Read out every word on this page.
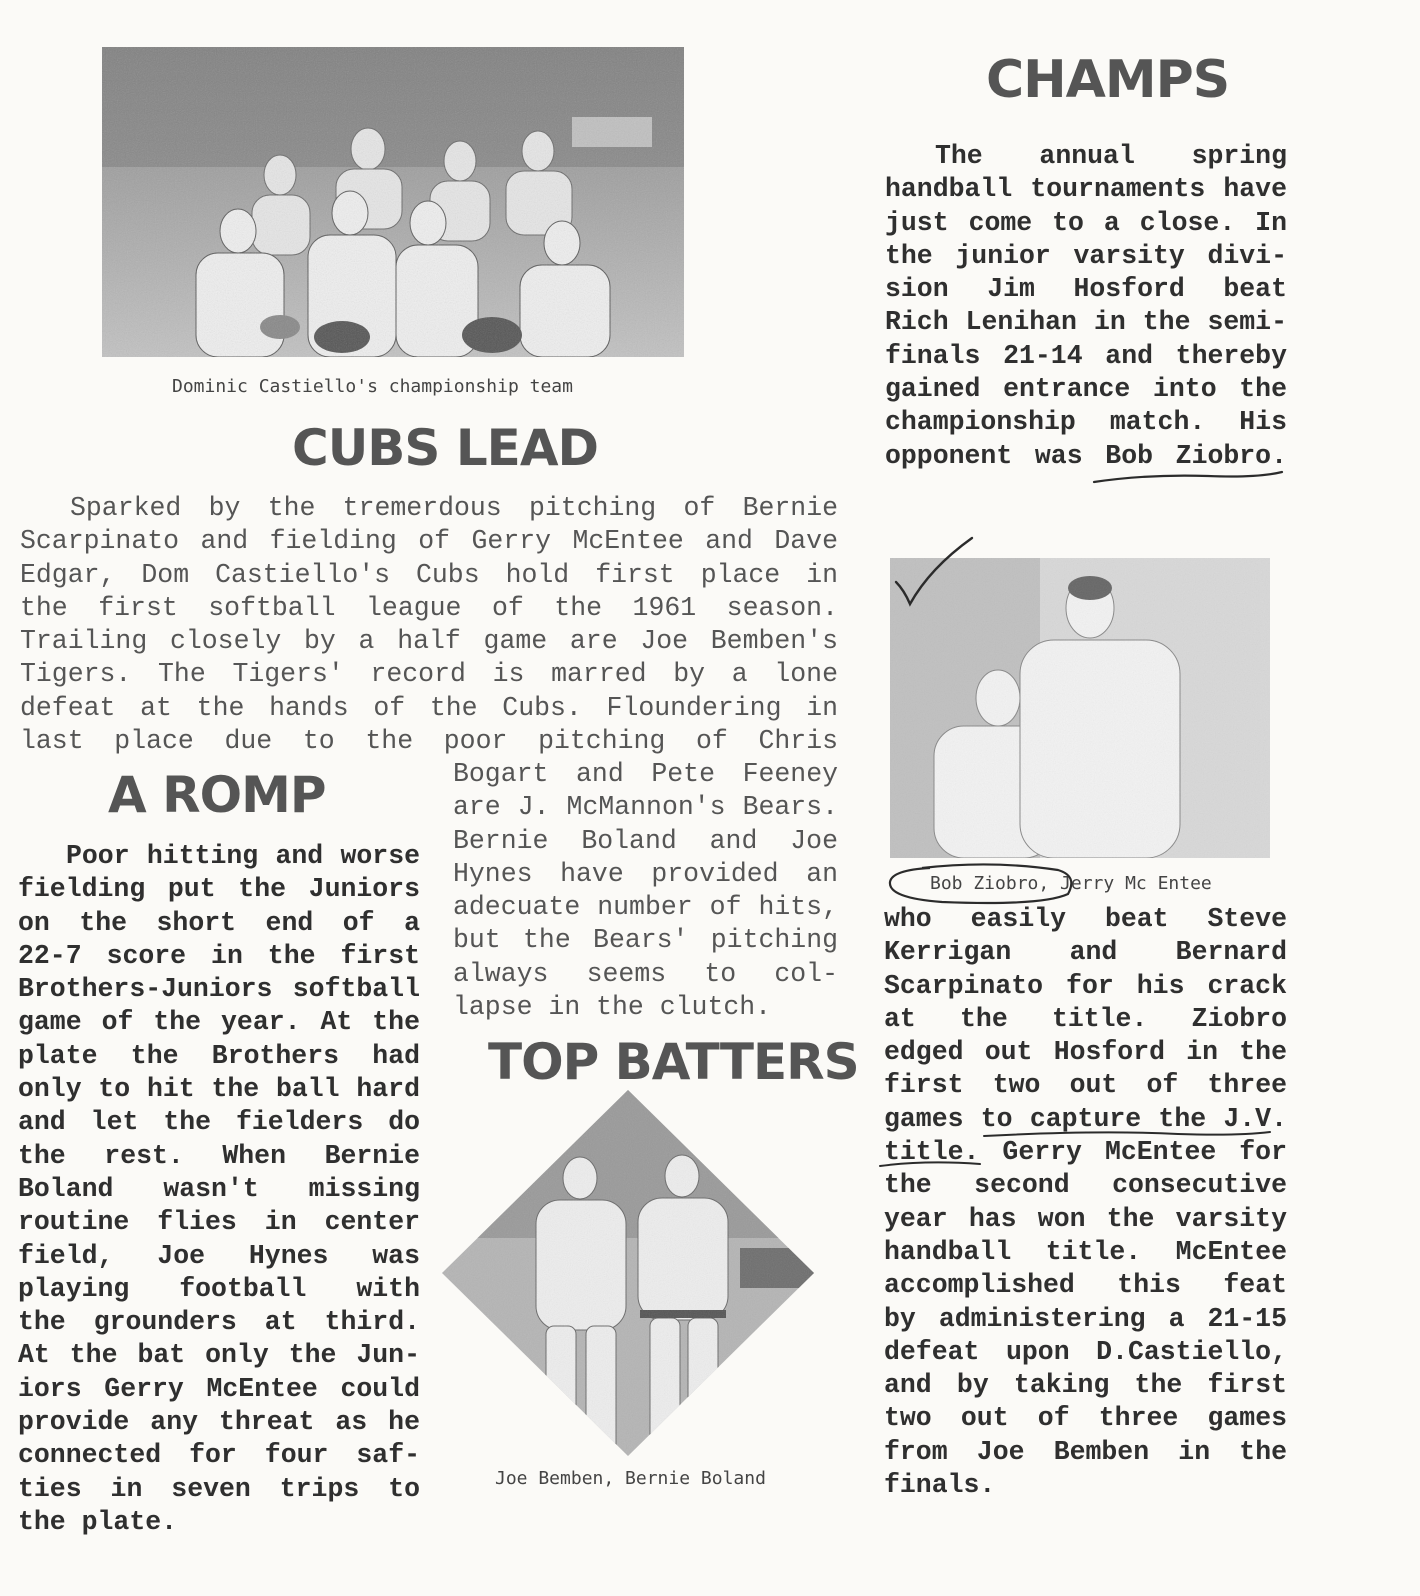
Dominic Castiello's championship team

CUBS LEAD
Sparked by the tremerdous pitching of Bernie
Scarpinato and fielding of Gerry McEntee and Dave
Edgar, Dom Castiello's Cubs hold first place in
the first softball league of the 1961 season.
Trailing closely by a half game are Joe Bemben's
Tigers. The Tigers' record is marred by a lone
defeat at the hands of the Cubs. Floundering in
last place due to the poor pitching of Chris
Bogart and Pete Feeney
are J. McMannon's Bears.
Bernie Boland and Joe
Hynes have provided an
adecuate number of hits,
but the Bears' pitching
always seems to col-
lapse in the clutch.
A ROMP
Poor hitting and worse
fielding put the Juniors
on the short end of a
22-7 score in the first
Brothers-Juniors softball
game of the year. At the
plate the Brothers had
only to hit the ball hard
and let the fielders do
the rest. When Bernie
Boland wasn't missing
routine flies in center
field, Joe Hynes was
playing football with
the grounders at third.
At the bat only the Jun-
iors Gerry McEntee could
provide any threat as he
connected for four saf-
ties in seven trips to
the plate.
TOP BATTERS

Joe Bemben, Bernie Boland

CHAMPS
The annual spring
handball tournaments have
just come to a close. In
the junior varsity divi-
sion Jim Hosford beat
Rich Lenihan in the semi-
finals 21-14 and thereby
gained entrance into the
championship match. His
opponent was Bob Ziobro.

Bob Ziobro, Jerry Mc Entee

who easily beat Steve
Kerrigan and Bernard
Scarpinato for his crack
at the title. Ziobro
edged out Hosford in the
first two out of three
games to capture the J.V.
title. Gerry McEntee for
the second consecutive
year has won the varsity
handball title. McEntee
accomplished this feat
by administering a 21-15
defeat upon D.Castiello,
and by taking the first
two out of three games
from Joe Bemben in the
finals.
